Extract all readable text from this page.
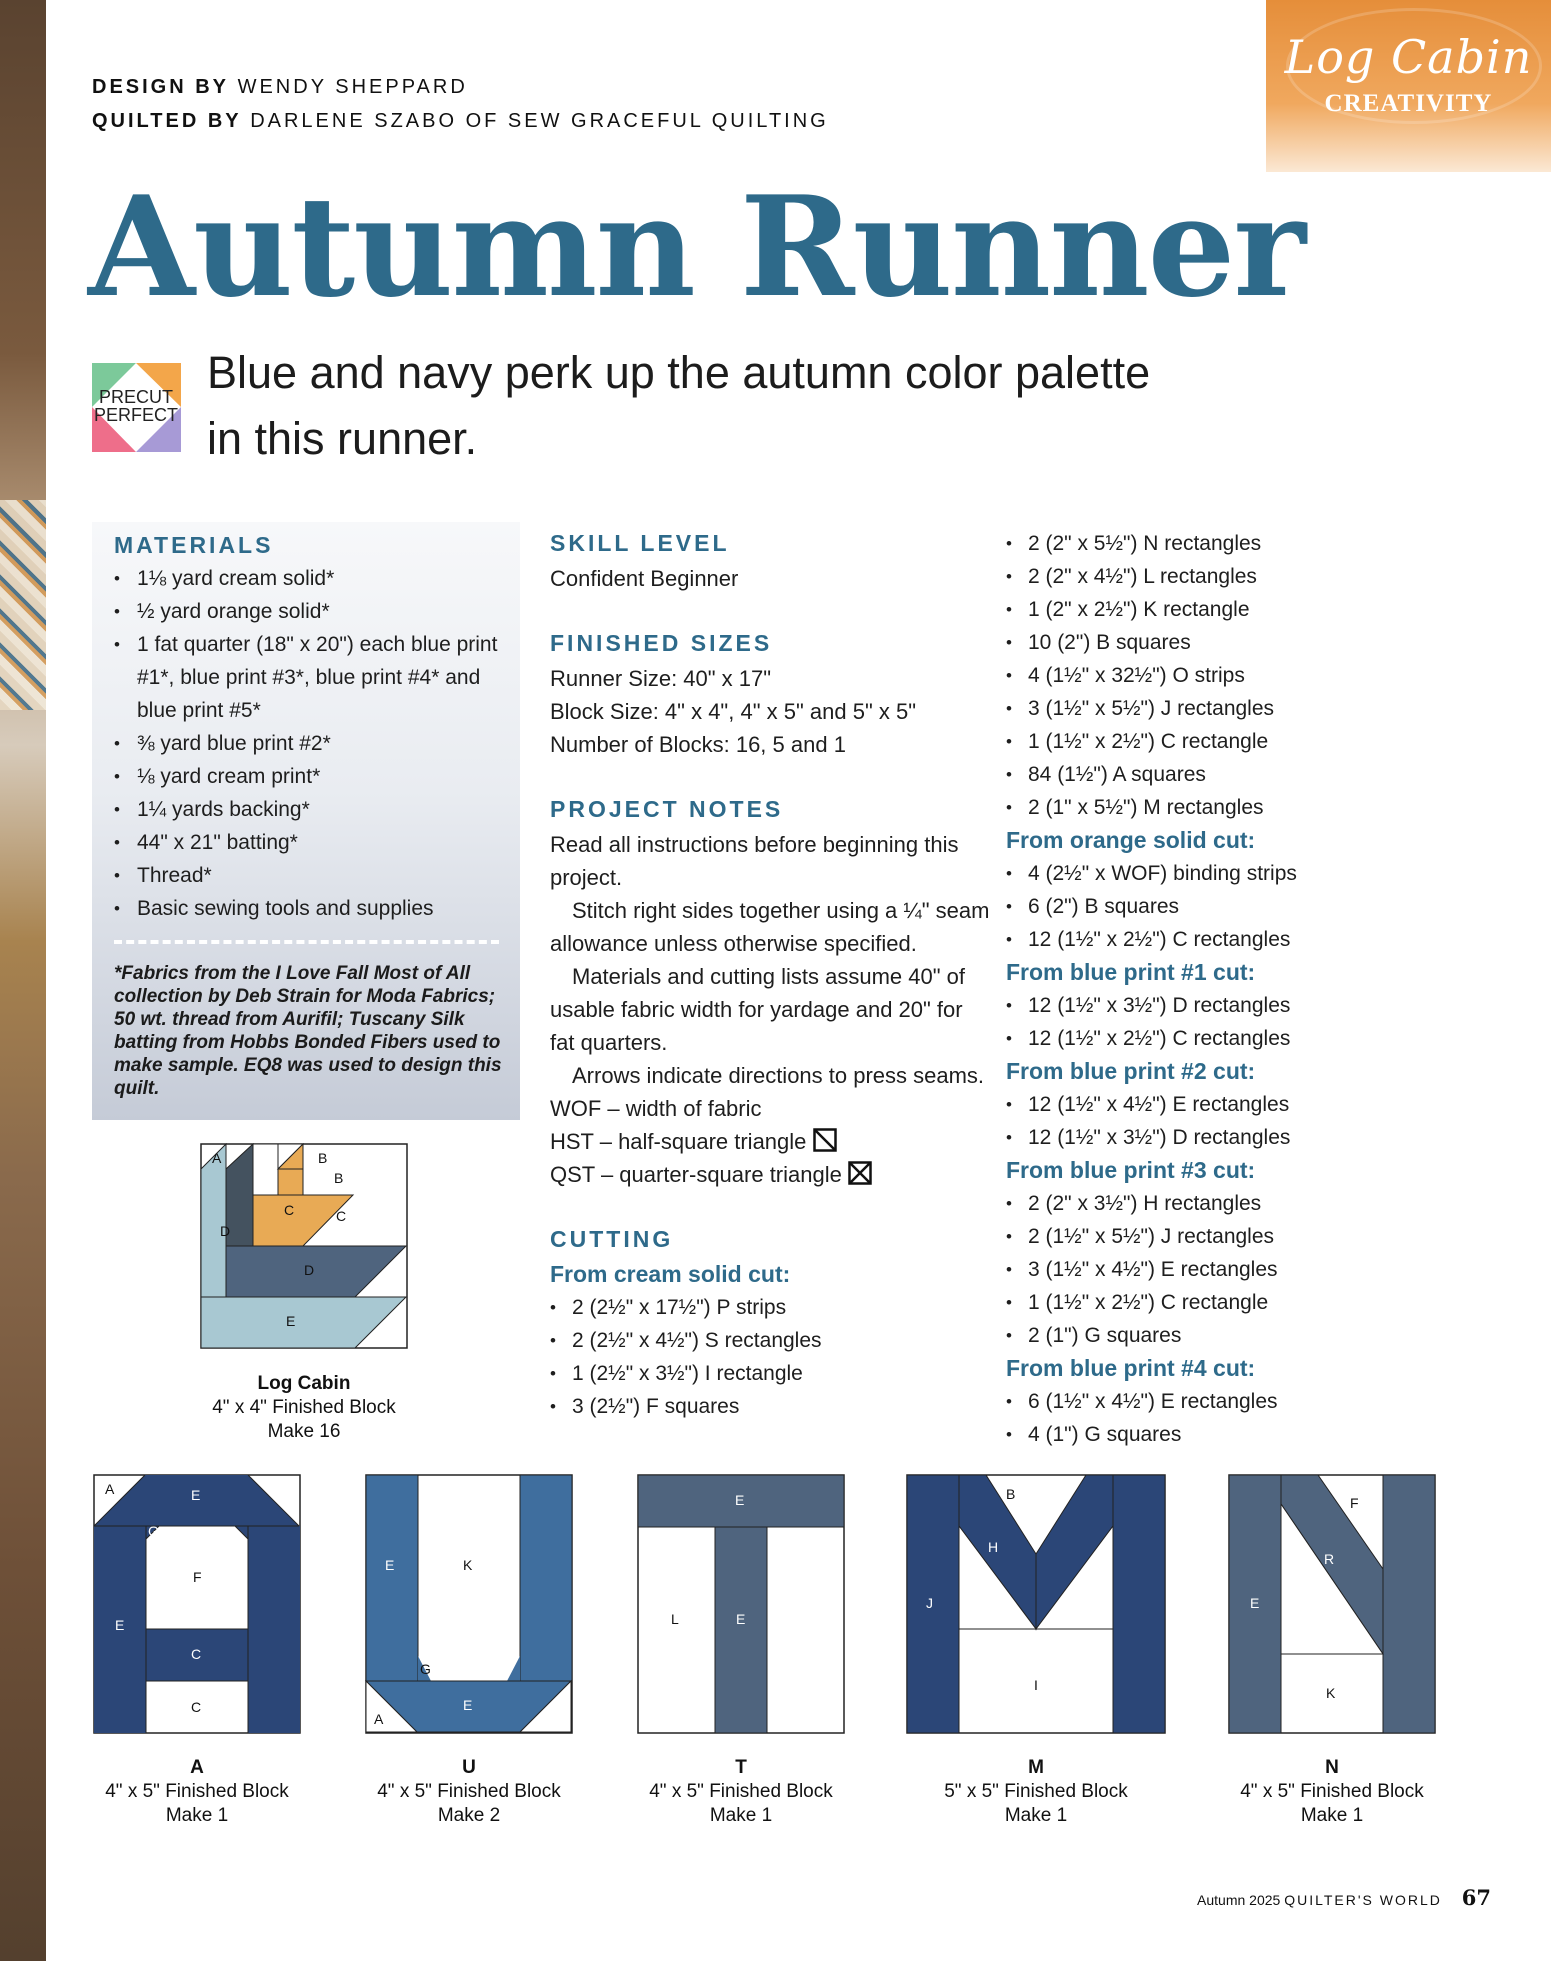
Log Cabin
CREATIVITY
DESIGN BY WENDY SHEPPARD
QUILTED BY DARLENE SZABO OF SEW GRACEFUL QUILTING
Autumn Runner
PRECUT
PERFECT
Blue and navy perk up the autumn color palette
in this runner.
MATERIALS
• 1⅛ yard cream solid*
• ½ yard orange solid*
• 1 fat quarter (18" x 20") each blue print #1*, blue print #3*, blue print #4* and blue print #5*
• ⅜ yard blue print #2*
• ⅛ yard cream print*
• 1¼ yards backing*
• 44" x 21" batting*
• Thread*
• Basic sewing tools and supplies
*Fabrics from the I Love Fall Most of All collection by Deb Strain for Moda Fabrics; 50 wt. thread from Aurifil; Tuscany Silk batting from Hobbs Bonded Fibers used to make sample. EQ8 was used to design this quilt.
SKILL LEVEL

Confident Beginner

FINISHED SIZES

Runner Size: 40" x 17"

Block Size: 4" x 4", 4" x 5" and 5" x 5"

Number of Blocks: 16, 5 and 1

PROJECT NOTES

Read all instructions before beginning this project.

Stitch right sides together using a ¼" seam allowance unless otherwise specified.

Materials and cutting lists assume 40" of usable fabric width for yardage and 20" for fat quarters.

Arrows indicate directions to press seams.

WOF – width of fabric

HST – half-square triangle

QST – quarter-square triangle

CUTTING
From cream solid cut:
• 2 (2½" x 17½") P strips
• 2 (2½" x 4½") S rectangles
• 1 (2½" x 3½") I rectangle
• 3 (2½") F squares
• 2 (2" x 5½") N rectangles
• 2 (2" x 4½") L rectangles
• 1 (2" x 2½") K rectangle
• 10 (2") B squares
• 4 (1½" x 32½") O strips
• 3 (1½" x 5½") J rectangles
• 1 (1½" x 2½") C rectangle
• 84 (1½") A squares
• 2 (1" x 5½") M rectangles
From orange solid cut:
• 4 (2½" x WOF) binding strips
• 6 (2") B squares
• 12 (1½" x 2½") C rectangles
From blue print #1 cut:
• 12 (1½" x 3½") D rectangles
• 12 (1½" x 2½") C rectangles
From blue print #2 cut:
• 12 (1½" x 4½") E rectangles
• 12 (1½" x 3½") D rectangles
From blue print #3 cut:
• 2 (2" x 3½") H rectangles
• 2 (1½" x 5½") J rectangles
• 3 (1½" x 4½") E rectangles
• 1 (1½" x 2½") C rectangle
• 2 (1") G squares
From blue print #4 cut:
• 6 (1½" x 4½") E rectangles
• 4 (1") G squares
A	B
B
C	C
D
D
E
Log Cabin
4" x 4" Finished Block
Make 16
A	E
G
F
E
C
C
A
4" x 5" Finished Block
Make 1
E	K
G
A
E
U
4" x 5" Finished Block
Make 2
E
L	E
T
4" x 5" Finished Block
Make 1
B
H
J
I
M
5" x 5" Finished Block
Make 1
F
R
E
K
N
4" x 5" Finished Block
Make 1
Autumn 2025 QUILTER'S WORLD 67
